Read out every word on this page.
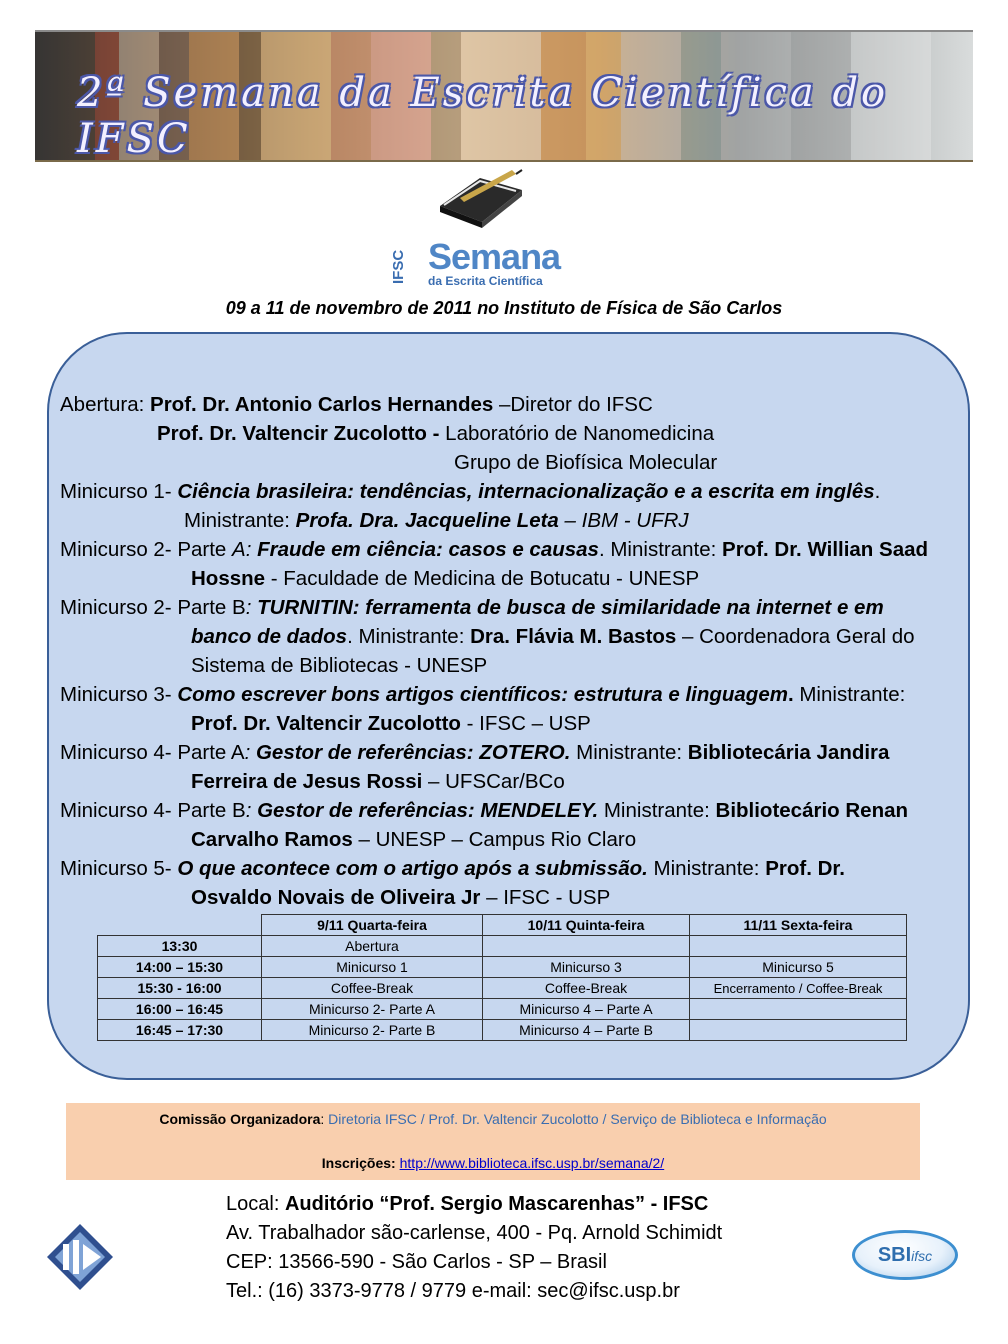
2ª Semana da Escrita Científica do IFSC
IFSC Semana
da Escrita Científica
09 a 11 de novembro de 2011 no Instituto de Física de São Carlos
Abertura: Prof. Dr. Antonio Carlos Hernandes –Diretor do IFSC
Prof. Dr. Valtencir Zucolotto - Laboratório de Nanomedicina
Grupo de Biofísica Molecular
Minicurso 1- Ciência brasileira: tendências, internacionalização e a escrita em inglês.
Ministrante: Profa. Dra. Jacqueline Leta – IBM - UFRJ
Minicurso 2- Parte A: Fraude em ciência: casos e causas. Ministrante: Prof. Dr. Willian Saad
Hossne - Faculdade de Medicina de Botucatu - UNESP
Minicurso 2- Parte B: TURNITIN: ferramenta de busca de similaridade na internet e em
banco de dados. Ministrante: Dra. Flávia M. Bastos – Coordenadora Geral do
Sistema de Bibliotecas - UNESP
Minicurso 3- Como escrever bons artigos científicos: estrutura e linguagem. Ministrante:
Prof. Dr. Valtencir Zucolotto - IFSC – USP
Minicurso 4- Parte A: Gestor de referências: ZOTERO. Ministrante: Bibliotecária Jandira
Ferreira de Jesus Rossi – UFSCar/BCo
Minicurso 4- Parte B: Gestor de referências: MENDELEY. Ministrante: Bibliotecário Renan
Carvalho Ramos – UNESP – Campus Rio Claro
Minicurso 5- O que acontece com o artigo após a submissão. Ministrante: Prof. Dr.
Osvaldo Novais de Oliveira Jr – IFSC - USP
	9/11 Quarta-feira	10/11 Quinta-feira	11/11 Sexta-feira
13:30	Abertura		
14:00 – 15:30	Minicurso 1	Minicurso 3	Minicurso 5
15:30 - 16:00	Coffee-Break	Coffee-Break	Encerramento / Coffee-Break
16:00 – 16:45	Minicurso 2- Parte A	Minicurso 4 – Parte A	
16:45 – 17:30	Minicurso 2- Parte B	Minicurso 4 – Parte B	
Comissão Organizadora: Diretoria IFSC / Prof. Dr. Valtencir Zucolotto / Serviço de Biblioteca e Informação
Inscrições: http://www.biblioteca.ifsc.usp.br/semana/2/
Local: Auditório “Prof. Sergio Mascarenhas” - IFSC
Av. Trabalhador são-carlense, 400 - Pq. Arnold Schimidt
CEP: 13566-590 - São Carlos - SP – Brasil
Tel.: (16) 3373-9778 / 9779 e-mail: sec@ifsc.usp.br
SBIifsc
